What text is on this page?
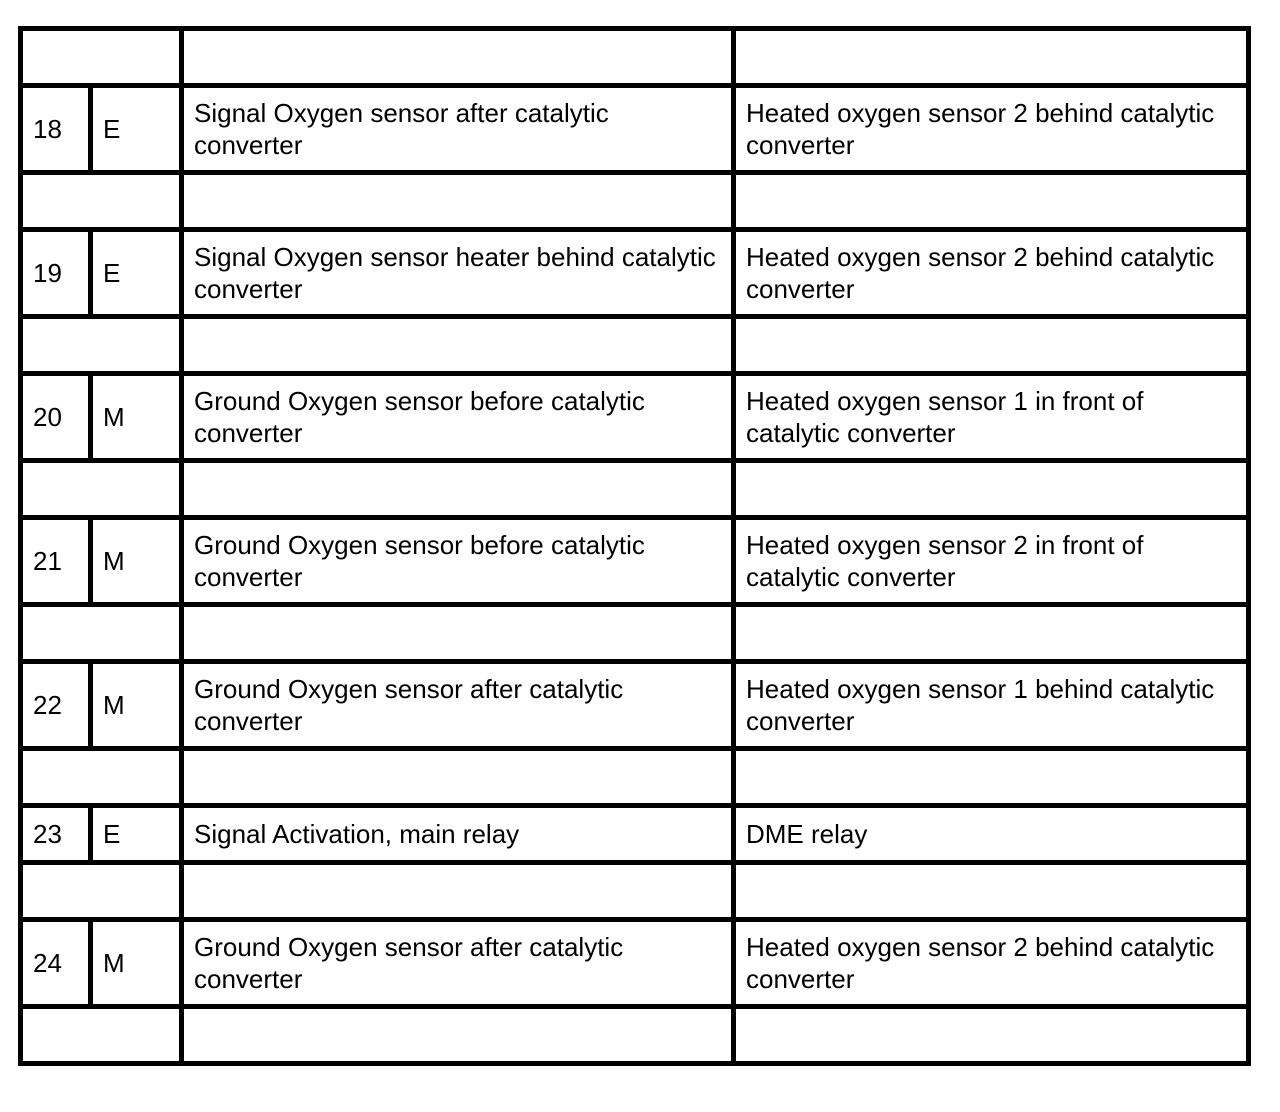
18	E	Signal Oxygen sensor after catalytic converter	Heated oxygen sensor 2 behind catalytic converter

19	E	Signal Oxygen sensor heater behind catalytic converter	Heated oxygen sensor 2 behind catalytic converter

20	M	Ground Oxygen sensor before catalytic converter	Heated oxygen sensor 1 in front of catalytic converter

21	M	Ground Oxygen sensor before catalytic converter	Heated oxygen sensor 2 in front of catalytic converter

22	M	Ground Oxygen sensor after catalytic converter	Heated oxygen sensor 1 behind catalytic converter

23	E	Signal Activation, main relay	DME relay

24	M	Ground Oxygen sensor after catalytic converter	Heated oxygen sensor 2 behind catalytic converter
